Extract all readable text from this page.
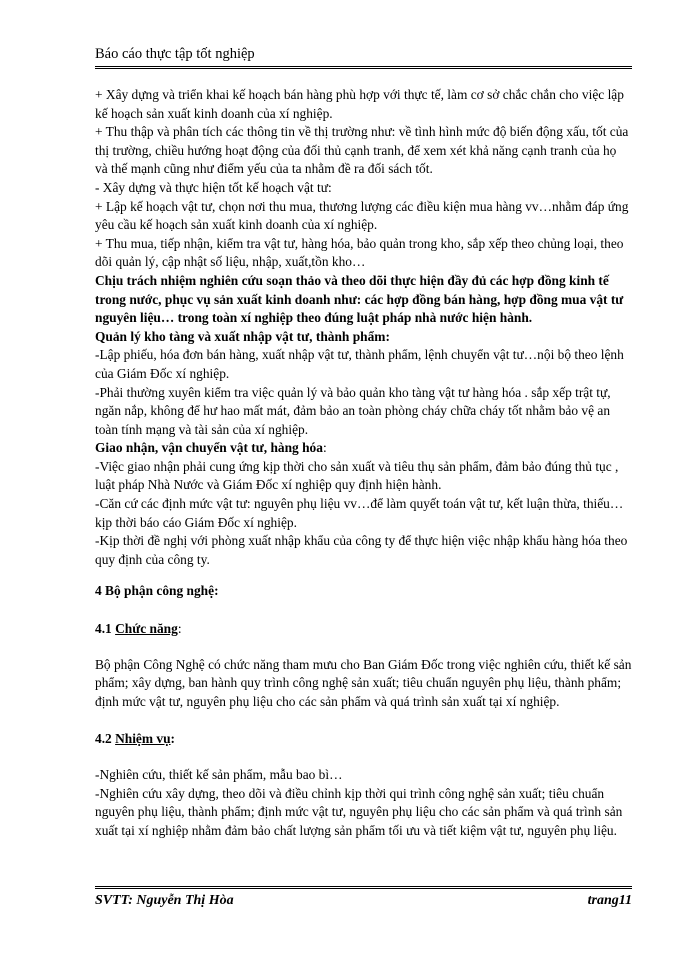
Báo cáo thực tập tốt nghiệp

+ Xây dựng và triển khai kế hoạch bán hàng phù hợp với thực tế, làm cơ sở chắc chắn cho việc lập kế hoạch sản xuất kinh doanh của xí nghiệp.

+ Thu thập và phân tích các thông tin về thị trường như: về tình hình mức độ biến động xấu, tốt của thị trường, chiều hướng hoạt động của đối thủ cạnh tranh, để xem xét khả năng cạnh tranh của họ và thế mạnh cũng như điểm yếu của ta nhằm đề ra đối sách tốt.

- Xây dựng và thực hiện tốt kế hoạch vật tư:

+ Lập kế hoạch vật tư, chọn nơi thu mua, thương lượng các điều kiện mua hàng vv…nhằm đáp ứng yêu cầu kế hoạch sản xuất kinh doanh của xí nghiệp.

+ Thu mua, tiếp nhận, kiểm tra vật tư, hàng hóa, bảo quản trong kho, sắp xếp theo chủng loại, theo dõi quản lý, cập nhật số liệu, nhập, xuất,tồn kho…

Chịu trách nhiệm nghiên cứu soạn thảo và theo dõi thực hiện đầy đủ các hợp đồng kinh tế trong nước, phục vụ sản xuất kinh doanh như: các hợp đồng bán hàng, hợp đồng mua vật tư nguyên liệu… trong toàn xí nghiệp theo đúng luật pháp nhà nước hiện hành.

Quản lý kho tàng và xuất nhập vật tư, thành phẩm:

-Lập phiếu, hóa đơn bán hàng, xuất nhập vật tư, thành phẩm, lệnh chuyển vật tư…nội bộ theo lệnh của Giám Đốc xí nghiệp.

-Phải thường xuyên kiểm tra việc quản lý và bảo quản kho tàng vật tư hàng hóa . sắp xếp trật tự, ngăn nắp, không để hư hao mất mát, đảm bảo an toàn phòng cháy chữa cháy tốt nhằm bảo vệ an toàn tính mạng và tài sản của xí nghiệp.

Giao nhận, vận chuyển vật tư, hàng hóa:

-Việc giao nhận phải cung ứng kịp thời cho sản xuất và tiêu thụ sản phẩm, đảm bảo đúng thủ tục , luật pháp Nhà Nước và Giám Đốc xí nghiệp quy định hiện hành.

-Căn cứ các định mức vật tư: nguyên phụ liệu vv…để làm quyết toán vật tư, kết luận thừa, thiếu…kịp thời báo cáo Giám Đốc xí nghiệp.

-Kịp thời đề nghị với phòng xuất nhập khẩu của công ty để thực hiện việc nhập khẩu hàng hóa theo quy định của công ty.

4 Bộ phận công nghệ:

4.1 Chức năng:

Bộ phận Công Nghệ có chức năng tham mưu cho Ban Giám Đốc trong việc nghiên cứu, thiết kế sản phẩm; xây dựng, ban hành quy trình công nghệ sản xuất; tiêu chuẩn nguyên phụ liệu, thành phẩm; định mức vật tư, nguyên phụ liệu cho các sản phẩm và quá trình sản xuất tại xí nghiệp.

4.2 Nhiệm vụ:

-Nghiên cứu, thiết kế sản phẩm, mẫu bao bì…

-Nghiên cứu xây dựng, theo dõi và điều chỉnh kịp thời qui trình công nghệ sản xuất; tiêu chuẩn nguyên phụ liệu, thành phẩm; định mức vật tư, nguyên phụ liệu cho các sản phẩm và quá trình sản xuất tại xí nghiệp nhằm đảm bảo chất lượng sản phẩm tối ưu và tiết kiệm vật tư, nguyên phụ liệu.

SVTT: Nguyễn Thị Hòa	trang11
